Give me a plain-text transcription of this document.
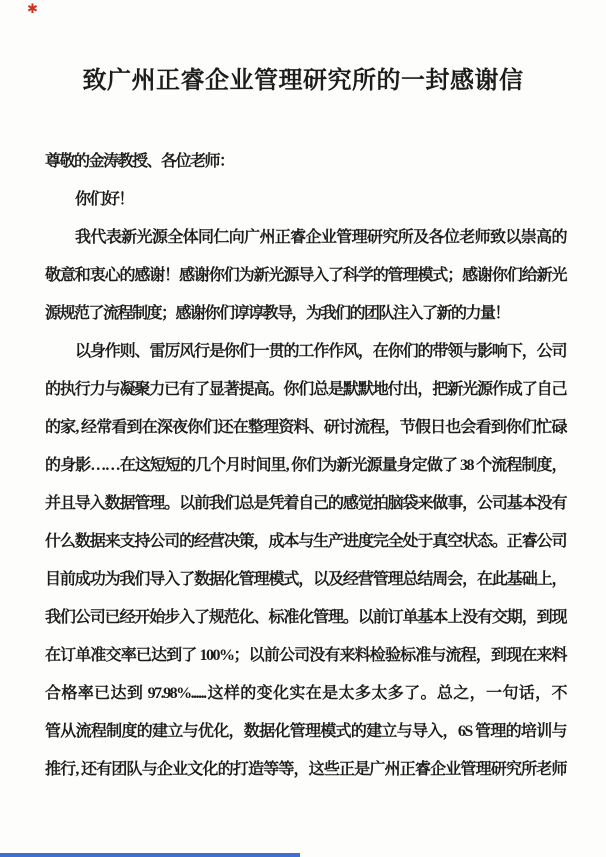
✱
致广州正睿企业管理研究所的一封感谢信
尊敬的金涛教授、各位老师：
你们好！
我代表新光源全体同仁向广州正睿企业管理研究所及各位老师致以崇高的
敬意和衷心的感谢！感谢你们为新光源导入了科学的管理模式；感谢你们给新光
源规范了流程制度；感谢你们谆谆教导，为我们的团队注入了新的力量！
以身作则、雷厉风行是你们一贯的工作作风，在你们的带领与影响下，公司
的执行力与凝聚力已有了显著提高。你们总是默默地付出，把新光源作成了自己
的家, 经常看到在深夜你们还在整理资料、研讨流程，节假日也会看到你们忙碌
的身影……在这短短的几个月时间里, 你们为新光源量身定做了 38 个流程制度，
并且导入数据管理。以前我们总是凭着自己的感觉拍脑袋来做事，公司基本没有
什么数据来支持公司的经营决策，成本与生产进度完全处于真空状态。正睿公司
目前成功为我们导入了数据化管理模式，以及经营管理总结周会，在此基础上，
我们公司已经开始步入了规范化、标准化管理。以前订单基本上没有交期，到现
在订单准交率已达到了 100%；以前公司没有来料检验标准与流程，到现在来料
合格率已达到 97.98%......这样的变化实在是太多太多了。总之，一句话，不
管从流程制度的建立与优化，数据化管理模式的建立与导入，6S 管理的培训与
推行, 还有团队与企业文化的打造等等，这些正是广州正睿企业管理研究所老师
